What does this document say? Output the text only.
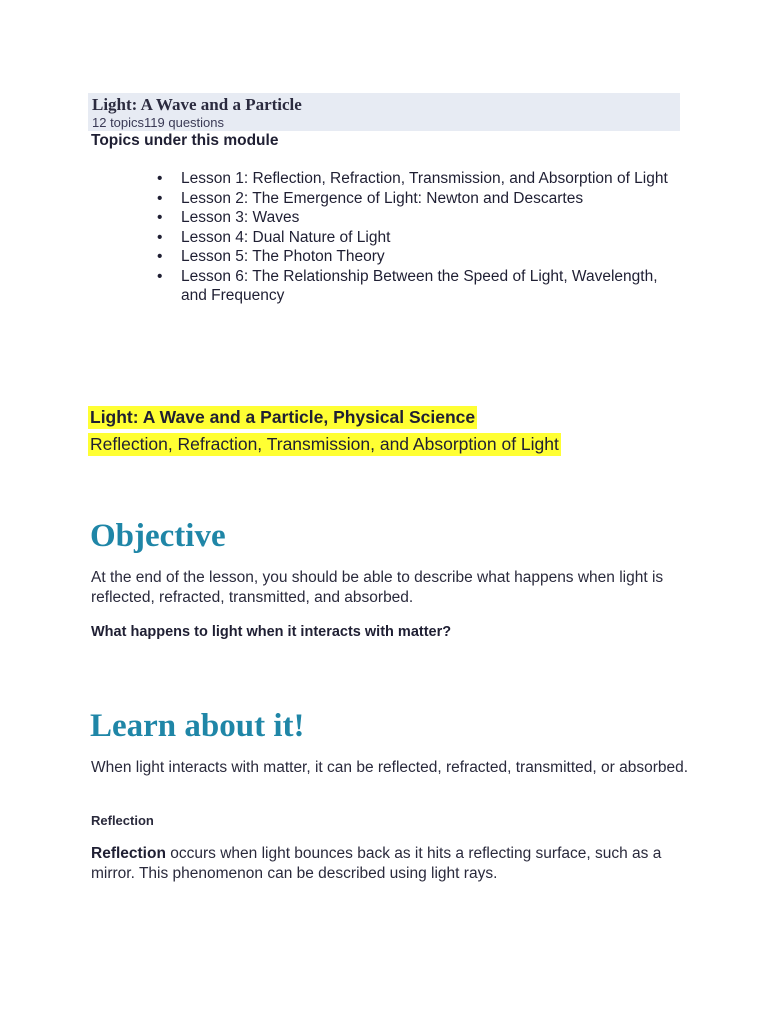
Light: A Wave and a Particle
12 topics119 questions
Topics under this module
• Lesson 1: Reflection, Refraction, Transmission, and Absorption of Light
• Lesson 2: The Emergence of Light: Newton and Descartes
• Lesson 3: Waves
• Lesson 4: Dual Nature of Light
• Lesson 5: The Photon Theory
• Lesson 6: The Relationship Between the Speed of Light, Wavelength, and Frequency
Light: A Wave and a Particle, Physical Science
Reflection, Refraction, Transmission, and Absorption of Light
Objective
At the end of the lesson, you should be able to describe what happens when light is reflected, refracted, transmitted, and absorbed.
What happens to light when it interacts with matter?
Learn about it!
When light interacts with matter, it can be reflected, refracted, transmitted, or absorbed.
Reflection
Reflection occurs when light bounces back as it hits a reflecting surface, such as a mirror. This phenomenon can be described using light rays.
